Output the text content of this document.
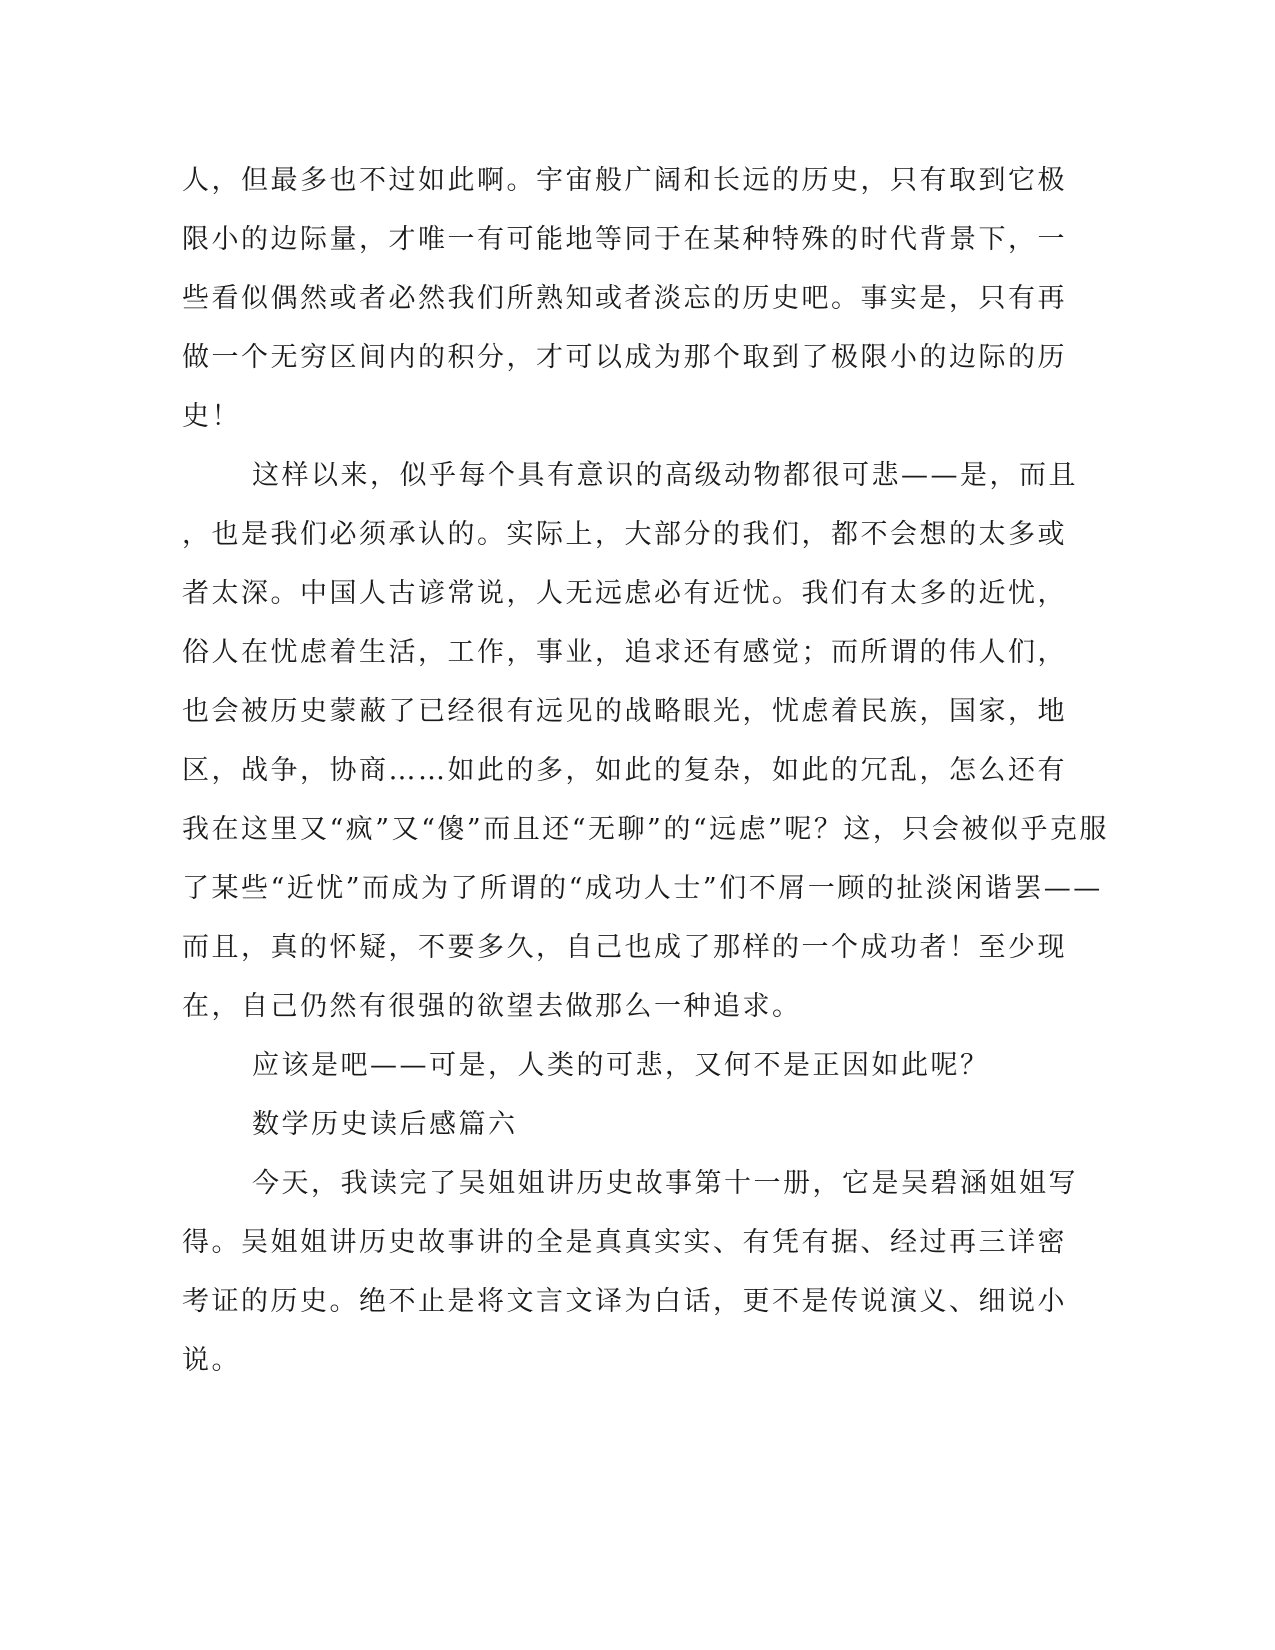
人，但最多也不过如此啊。宇宙般广阔和长远的历史，只有取到它极
限小的边际量，才唯一有可能地等同于在某种特殊的时代背景下，一
些看似偶然或者必然我们所熟知或者淡忘的历史吧。事实是，只有再
做一个无穷区间内的积分，才可以成为那个取到了极限小的边际的历
史！
这样以来，似乎每个具有意识的高级动物都很可悲——是，而且
，也是我们必须承认的。实际上，大部分的我们，都不会想的太多或
者太深。中国人古谚常说，人无远虑必有近忧。我们有太多的近忧，
俗人在忧虑着生活，工作，事业，追求还有感觉；而所谓的伟人们，
也会被历史蒙蔽了已经很有远见的战略眼光，忧虑着民族，国家，地
区，战争，协商……如此的多，如此的复杂，如此的冗乱，怎么还有
我在这里又“疯”又“傻”而且还“无聊”的“远虑”呢？这，只会被似乎克服
了某些“近忧”而成为了所谓的“成功人士”们不屑一顾的扯淡闲谐罢——
而且，真的怀疑，不要多久，自己也成了那样的一个成功者！至少现
在，自己仍然有很强的欲望去做那么一种追求。
应该是吧——可是，人类的可悲，又何不是正因如此呢？
数学历史读后感篇六
今天，我读完了吴姐姐讲历史故事第十一册，它是吴碧涵姐姐写
得。吴姐姐讲历史故事讲的全是真真实实、有凭有据、经过再三详密
考证的历史。绝不止是将文言文译为白话，更不是传说演义、细说小
说。
